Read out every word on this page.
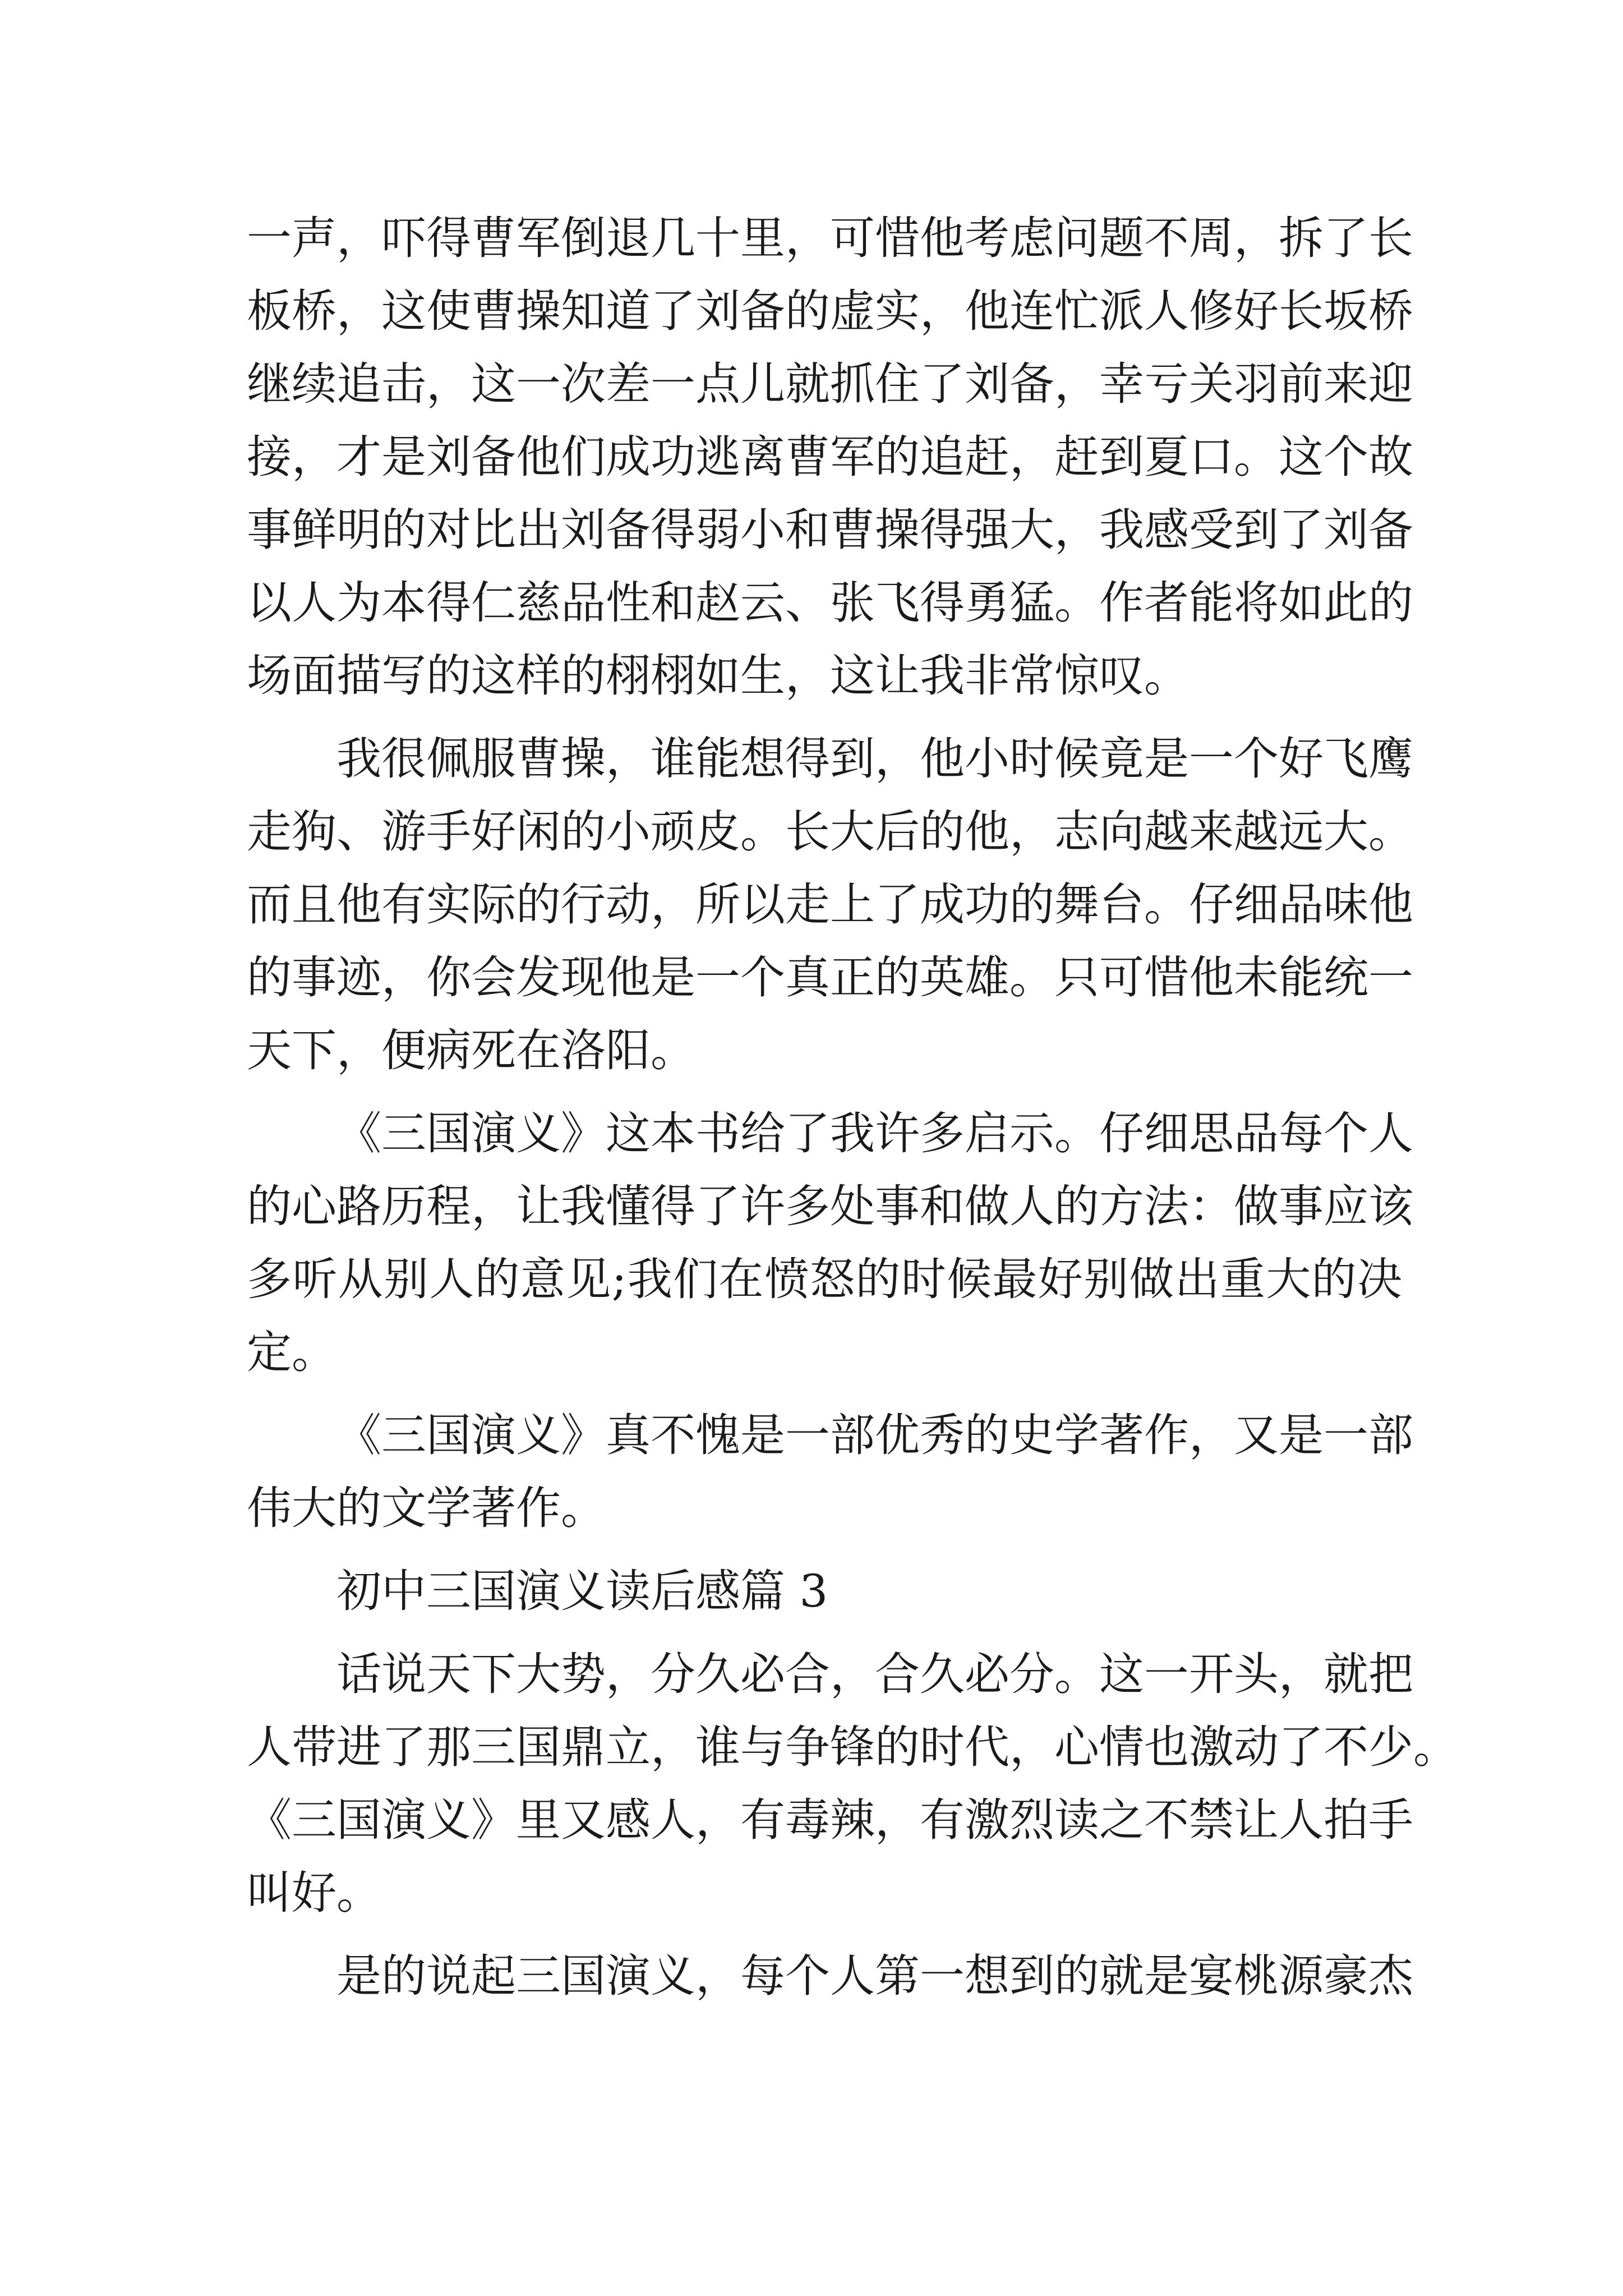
一声，吓得曹军倒退几十里，可惜他考虑问题不周，拆了长
板桥，这使曹操知道了刘备的虚实，他连忙派人修好长坂桥
继续追击，这一次差一点儿就抓住了刘备，幸亏关羽前来迎
接，才是刘备他们成功逃离曹军的追赶，赶到夏口。这个故
事鲜明的对比出刘备得弱小和曹操得强大，我感受到了刘备
以人为本得仁慈品性和赵云、张飞得勇猛。作者能将如此的
场面描写的这样的栩栩如生，这让我非常惊叹。
我很佩服曹操，谁能想得到，他小时候竟是一个好飞鹰
走狗、游手好闲的小顽皮。长大后的他，志向越来越远大。
而且他有实际的行动，所以走上了成功的舞台。仔细品味他
的事迹，你会发现他是一个真正的英雄。只可惜他未能统一
天下，便病死在洛阳。
《三国演义》这本书给了我许多启示。仔细思品每个人
的心路历程，让我懂得了许多处事和做人的方法：做事应该
多听从别人的意见;我们在愤怒的时候最好别做出重大的决
定。
《三国演义》真不愧是一部优秀的史学著作，又是一部
伟大的文学著作。
初中三国演义读后感篇 3
话说天下大势，分久必合，合久必分。这一开头，就把
人带进了那三国鼎立，谁与争锋的时代，心情也激动了不少。
《三国演义》里又感人，有毒辣，有激烈读之不禁让人拍手
叫好。
是的说起三国演义，每个人第一想到的就是宴桃源豪杰
